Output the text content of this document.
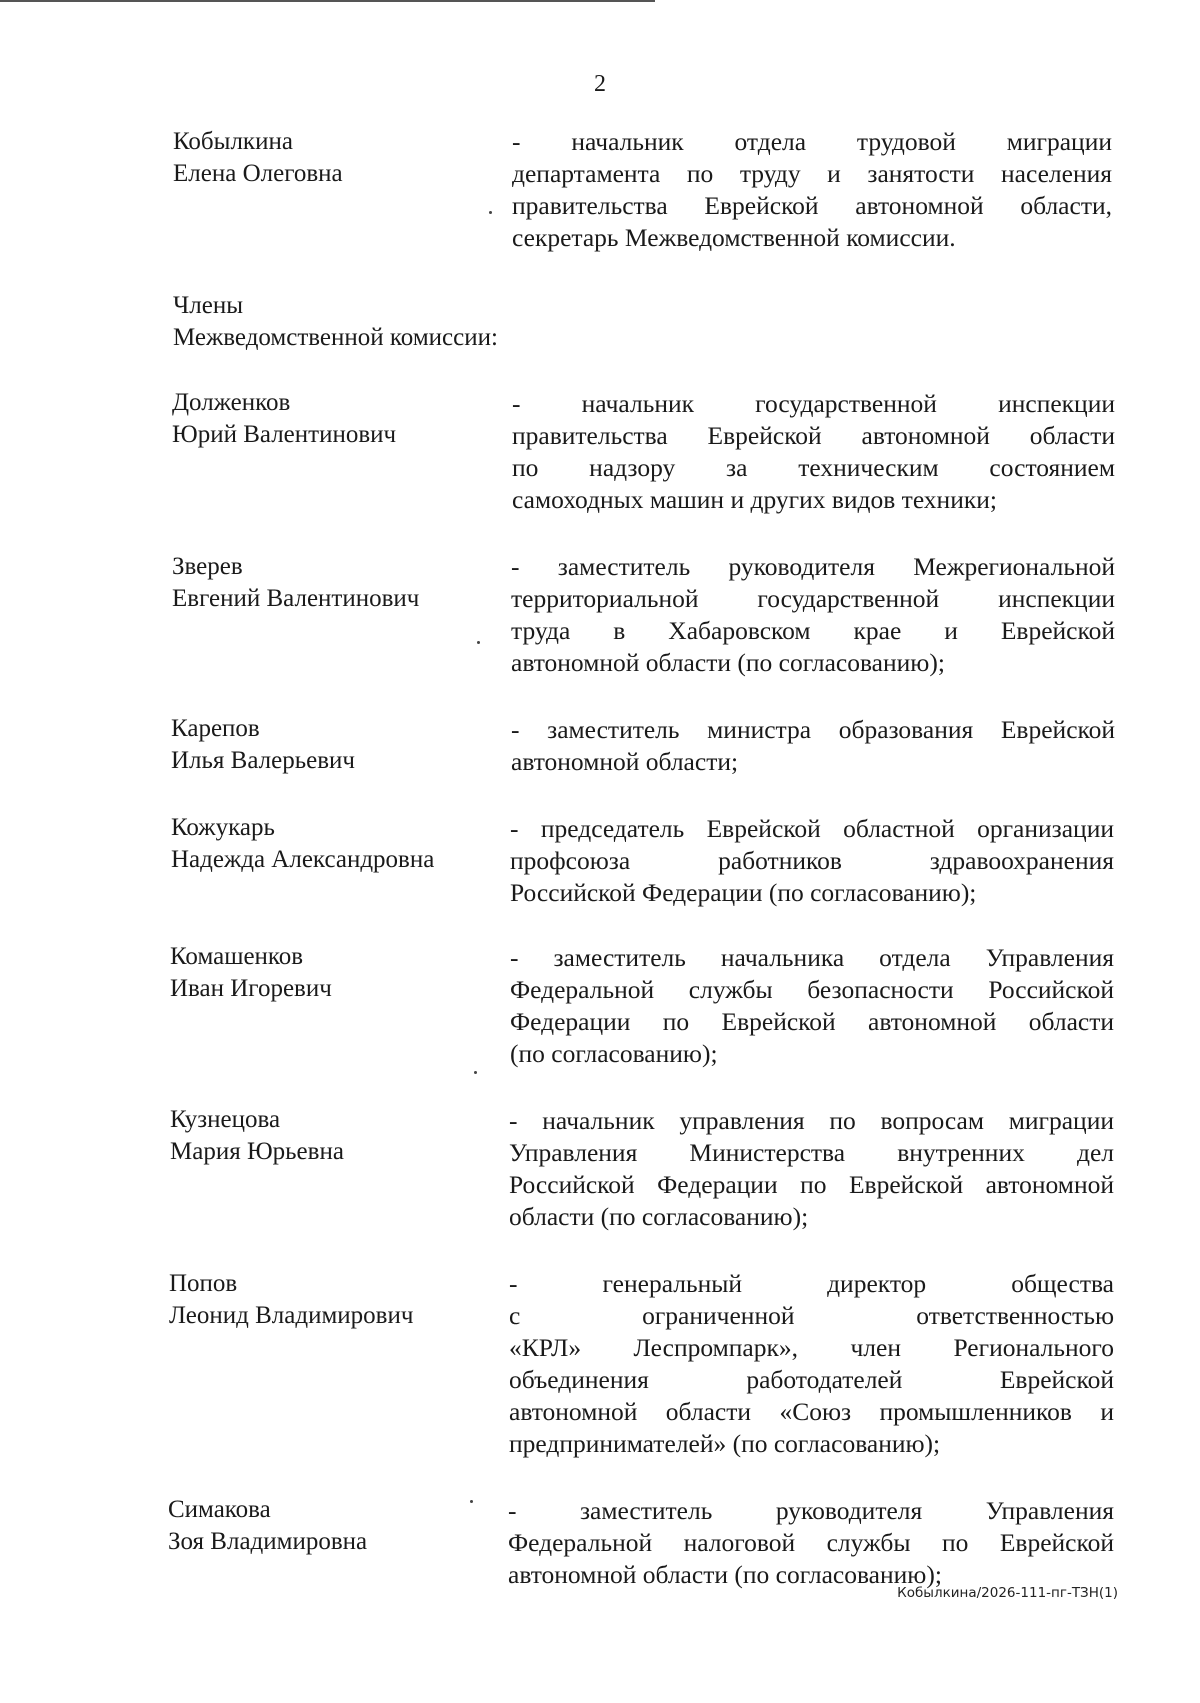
2
Кобылкина
Елена Олеговна
- начальник отдела трудовой миграции
департамента по труду и занятости населения
правительства Еврейской автономной области,
секретарь Межведомственной комиссии.
Члены
Межведомственной комиссии:
Долженков
Юрий Валентинович
- начальник государственной инспекции
правительства Еврейской автономной области
по надзору за техническим состоянием
самоходных машин и других видов техники;
Зверев
Евгений Валентинович
- заместитель руководителя Межрегиональной
территориальной государственной инспекции
труда в Хабаровском крае и Еврейской
автономной области (по согласованию);
Карепов
Илья Валерьевич
- заместитель министра образования Еврейской
автономной области;
Кожукарь
Надежда Александровна
- председатель Еврейской областной организации
профсоюза работников здравоохранения
Российской Федерации (по согласованию);
Комашенков
Иван Игоревич
- заместитель начальника отдела Управления
Федеральной службы безопасности Российской
Федерации по Еврейской автономной области
(по согласованию);
Кузнецова
Мария Юрьевна
- начальник управления по вопросам миграции
Управления Министерства внутренних дел
Российской Федерации по Еврейской автономной
области (по согласованию);
Попов
Леонид Владимирович
- генеральный директор общества
с ограниченной ответственностью
«КРЛ» Леспромпарк», член Регионального
объединения работодателей Еврейской
автономной области «Союз промышленников и
предпринимателей» (по согласованию);
Симакова
Зоя Владимировна
- заместитель руководителя Управления
Федеральной налоговой службы по Еврейской
автономной области (по согласованию);
Кобылкина/2026-111-пг-ТЗН(1)
